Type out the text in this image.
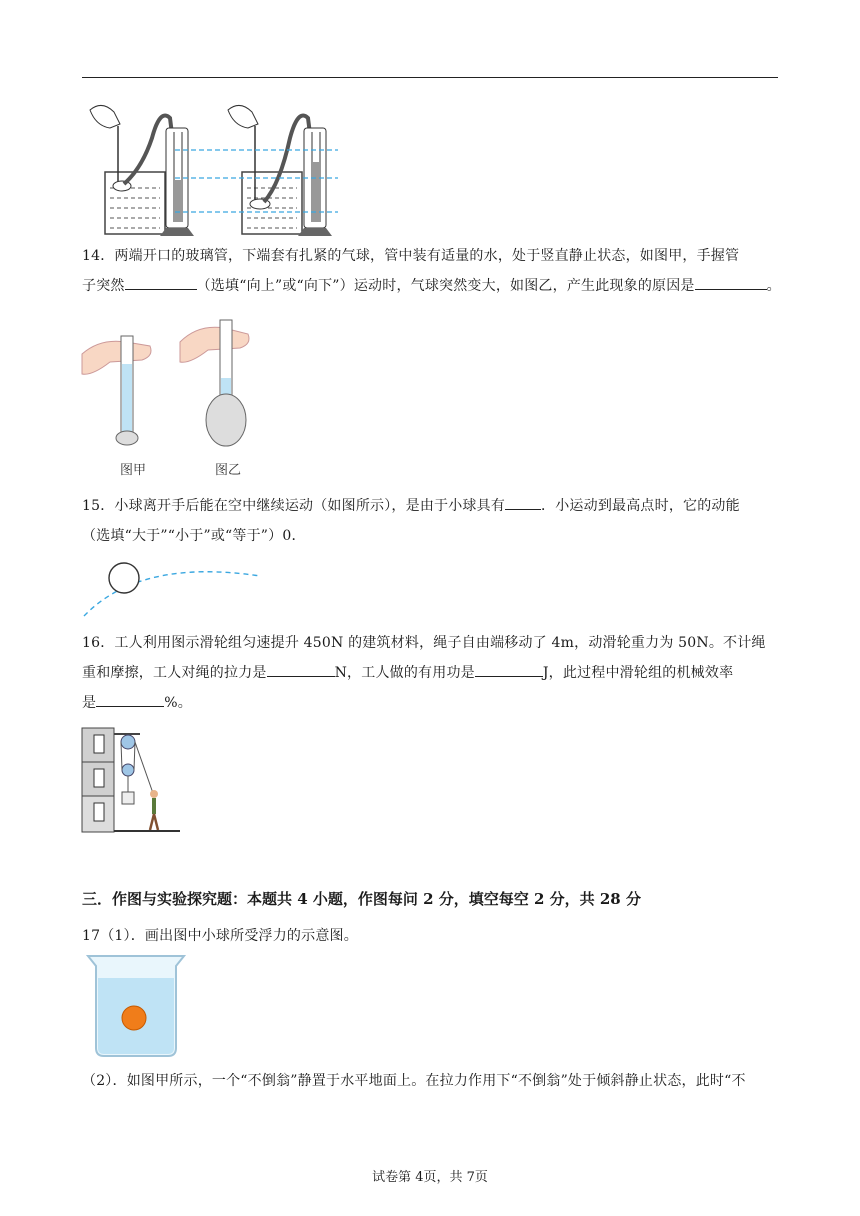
14．两端开口的玻璃管，下端套有扎紧的气球，管中装有适量的水，处于竖直静止状态，如图甲，手握管
子突然	（选填“向上”或“向下”）运动时，气球突然变大，如图乙，产生此现象的原因是	。
图甲	图乙
15．小球离开手后能在空中继续运动（如图所示），是由于小球具有	．小运动到最高点时，它的动能
（选填“大于”“小于”或“等于”）0．
16．工人利用图示滑轮组匀速提升 450N 的建筑材料，绳子自由端移动了 4m，动滑轮重力为 50N。不计绳
重和摩擦，工人对绳的拉力是	N，工人做的有用功是	J，此过程中滑轮组的机械效率
是	%。
三．作图与实验探究题：本题共 4 小题，作图每问 2 分，填空每空 2 分，共 28 分
17（1）．画出图中小球所受浮力的示意图。
（2）．如图甲所示，一个“不倒翁”静置于水平地面上。在拉力作用下“不倒翁”处于倾斜静止状态，此时“不
试卷第 4页，共 7页
